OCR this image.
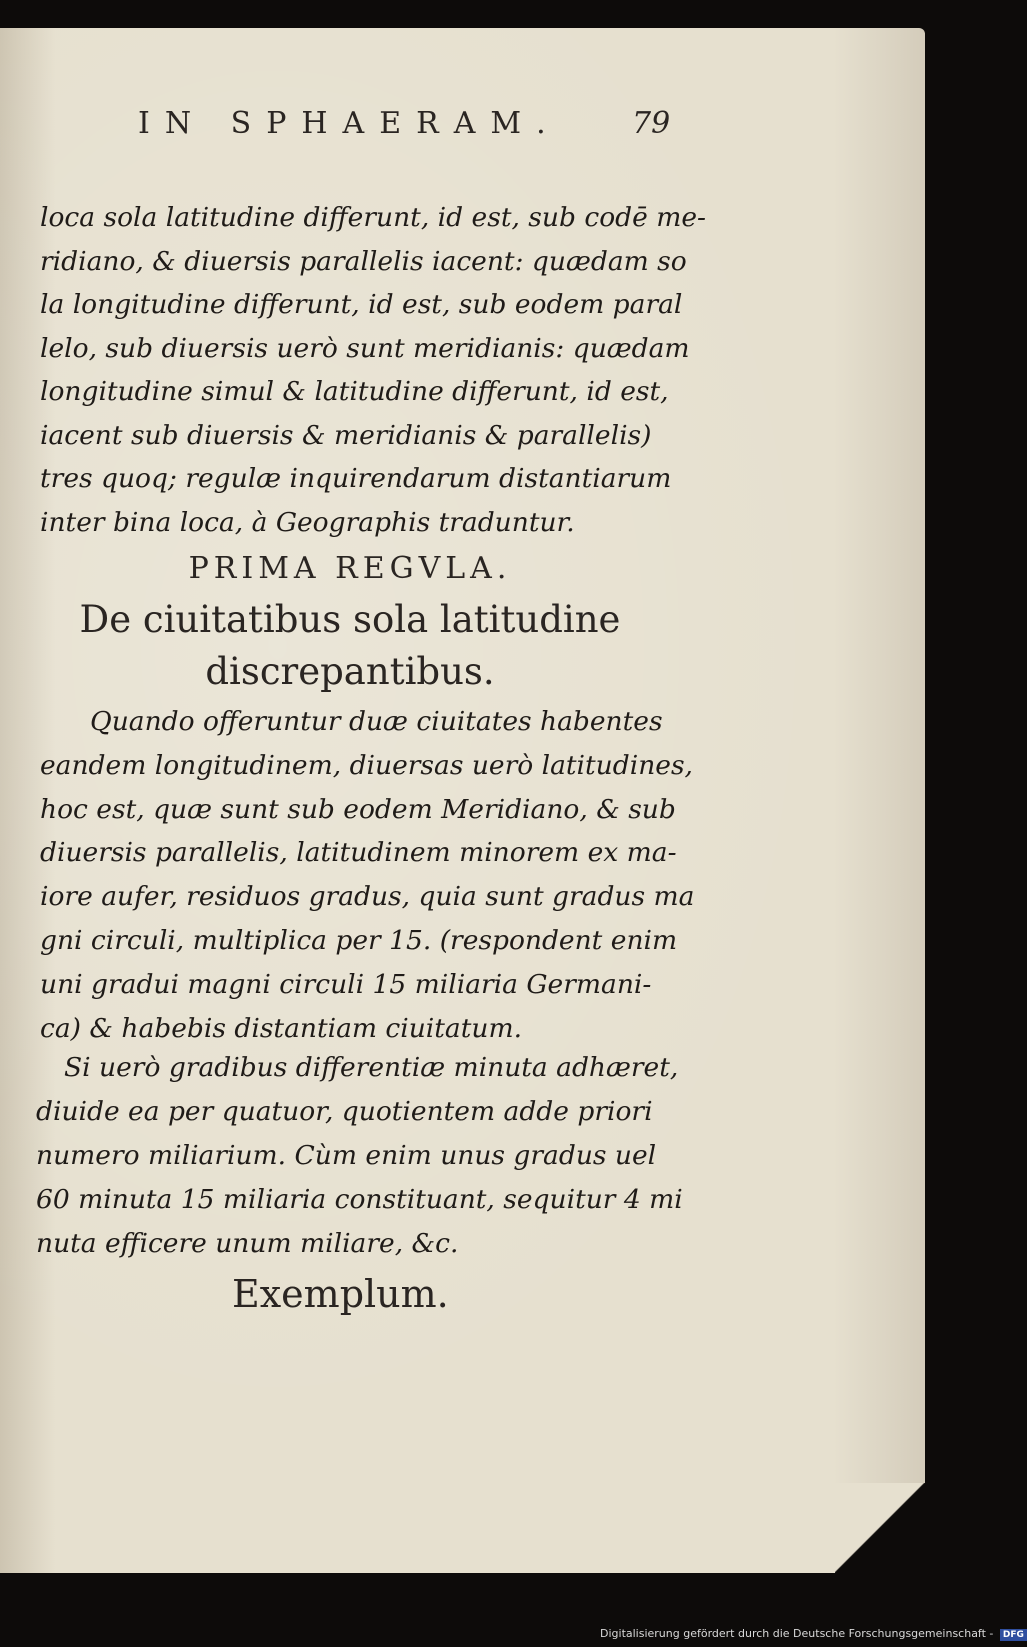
IN SPHAERAM.	79
loca sola latitudine differunt, id est, sub codē me-
ridiano, & diuersis parallelis iacent: quædam so
la longitudine differunt, id est, sub eodem paral
lelo, sub diuersis uerò sunt meridianis: quædam
longitudine simul & latitudine differunt, id est,
iacent sub diuersis & meridianis & parallelis)
tres quoq; regulæ inquirendarum distantiarum
inter bina loca, à Geographis traduntur.
PRIMA REGVLA.
De ciuitatibus sola latitudine
discrepantibus.
Quando offeruntur duæ ciuitates habentes
eandem longitudinem, diuersas uerò latitudines,
hoc est, quæ sunt sub eodem Meridiano, & sub
diuersis parallelis, latitudinem minorem ex ma-
iore aufer, residuos gradus, quia sunt gradus ma
gni circuli, multiplica per 15. (respondent enim
uni gradui magni circuli 15 miliaria Germani-
ca) & habebis distantiam ciuitatum.
Si uerò gradibus differentiæ minuta adhæret,
diuide ea per quatuor, quotientem adde priori
numero miliarium. Cùm enim unus gradus uel
60 minuta 15 miliaria constituant, sequitur 4 mi
nuta efficere unum miliare, &c.
Exemplum.
Digitalisierung gefördert durch die Deutsche Forschungsgemeinschaft - DFG
